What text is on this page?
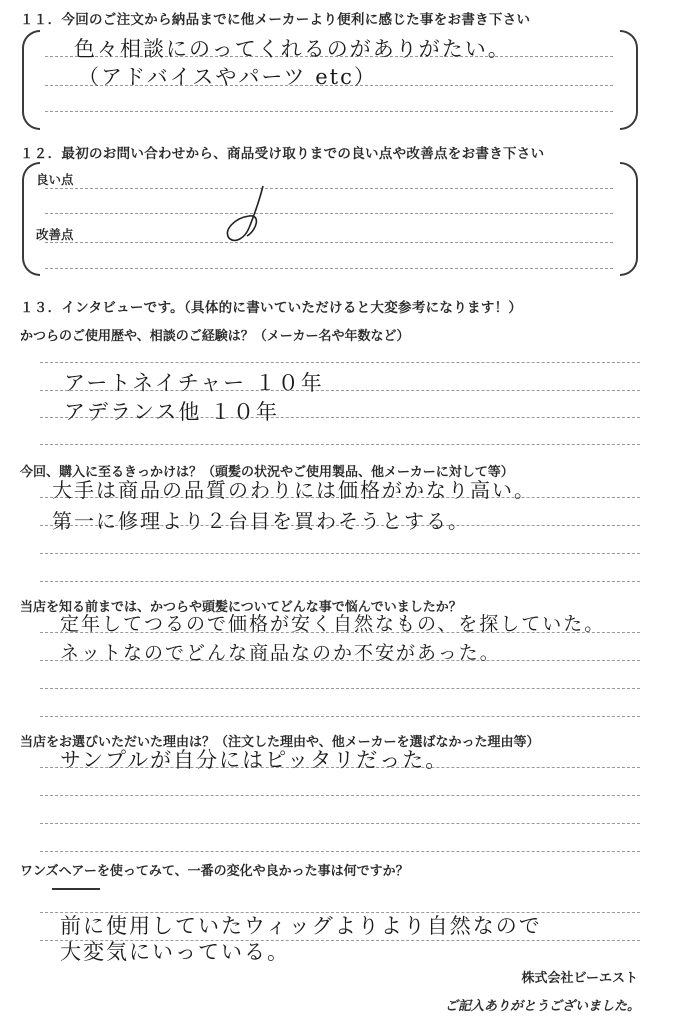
１１．今回のご注文から納品までに他メーカーより便利に感じた事をお書き下さい
色々相談にのってくれるのがありがたい。
（アドバイスやパーツ etc）
１２．最初のお問い合わせから、商品受け取りまでの良い点や改善点をお書き下さい
良い点
改善点
１３．インタビューです。（具体的に書いていただけると大変参考になります！）
かつらのご使用歴や、相談のご経験は？（メーカー名や年数など）
アートネイチャー １０年
アデランス他 １０年
今回、購入に至るきっかけは？（頭髪の状況やご使用製品、他メーカーに対して等）
大手は商品の品質のわりには価格がかなり高い。
第一に修理より２台目を買わそうとする。
当店を知る前までは、かつらや頭髪についてどんな事で悩んでいましたか？
定年してつるので価格が安く自然なもの、を探していた。
ネットなのでどんな商品なのか不安があった。
当店をお選びいただいた理由は？（注文した理由や、他メーカーを選ばなかった理由等）
サンプルが自分にはピッタリだった。
ワンズヘアーを使ってみて、一番の変化や良かった事は何ですか？
前に使用していたウィッグよりより自然なので
大変気にいっている。
株式会社ビーエスト
ご記入ありがとうございました。
